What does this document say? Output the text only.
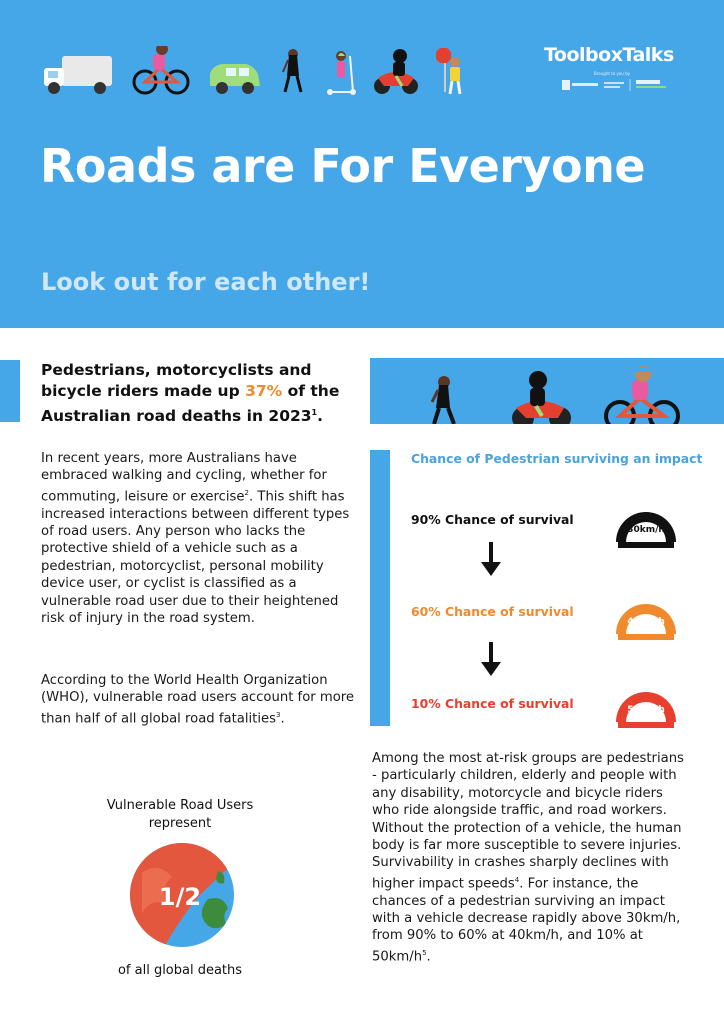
ToolboxTalks
Brought to you by
Roads are For Everyone
Look out for each other!
Pedestrians, motorcyclists and bicycle riders made up 37% of the Australian road deaths in 2023$^1$.
In recent years, more Australians have embraced walking and cycling, whether for commuting, leisure or exercise$^2$. This shift has increased interactions between different types of road users. Any person who lacks the protective shield of a vehicle such as a pedestrian, motorcyclist, personal mobility device user, or cyclist is classified as a vulnerable road user due to their heightened risk of injury in the road system.
According to the World Health Organization (WHO), vulnerable road users account for more than half of all global road fatalities$^3$.
Chance of Pedestrian surviving an impact
90% Chance of survival
60% Chance of survival
10% Chance of survival
30km/h
40km/h
50km/h
Among the most at-risk groups are pedestrians - particularly children, elderly and people with any disability, motorcycle and bicycle riders who ride alongside traffic, and road workers. Without the protection of a vehicle, the human body is far more susceptible to severe injuries. Survivability in crashes sharply declines with higher impact speeds$^4$. For instance, the chances of a pedestrian surviving an impact with a vehicle decrease rapidly above 30km/h, from 90% to 60% at 40km/h, and 10% at $50km/h^5$.
Vulnerable Road Users
represent
1/2
of all global deaths
